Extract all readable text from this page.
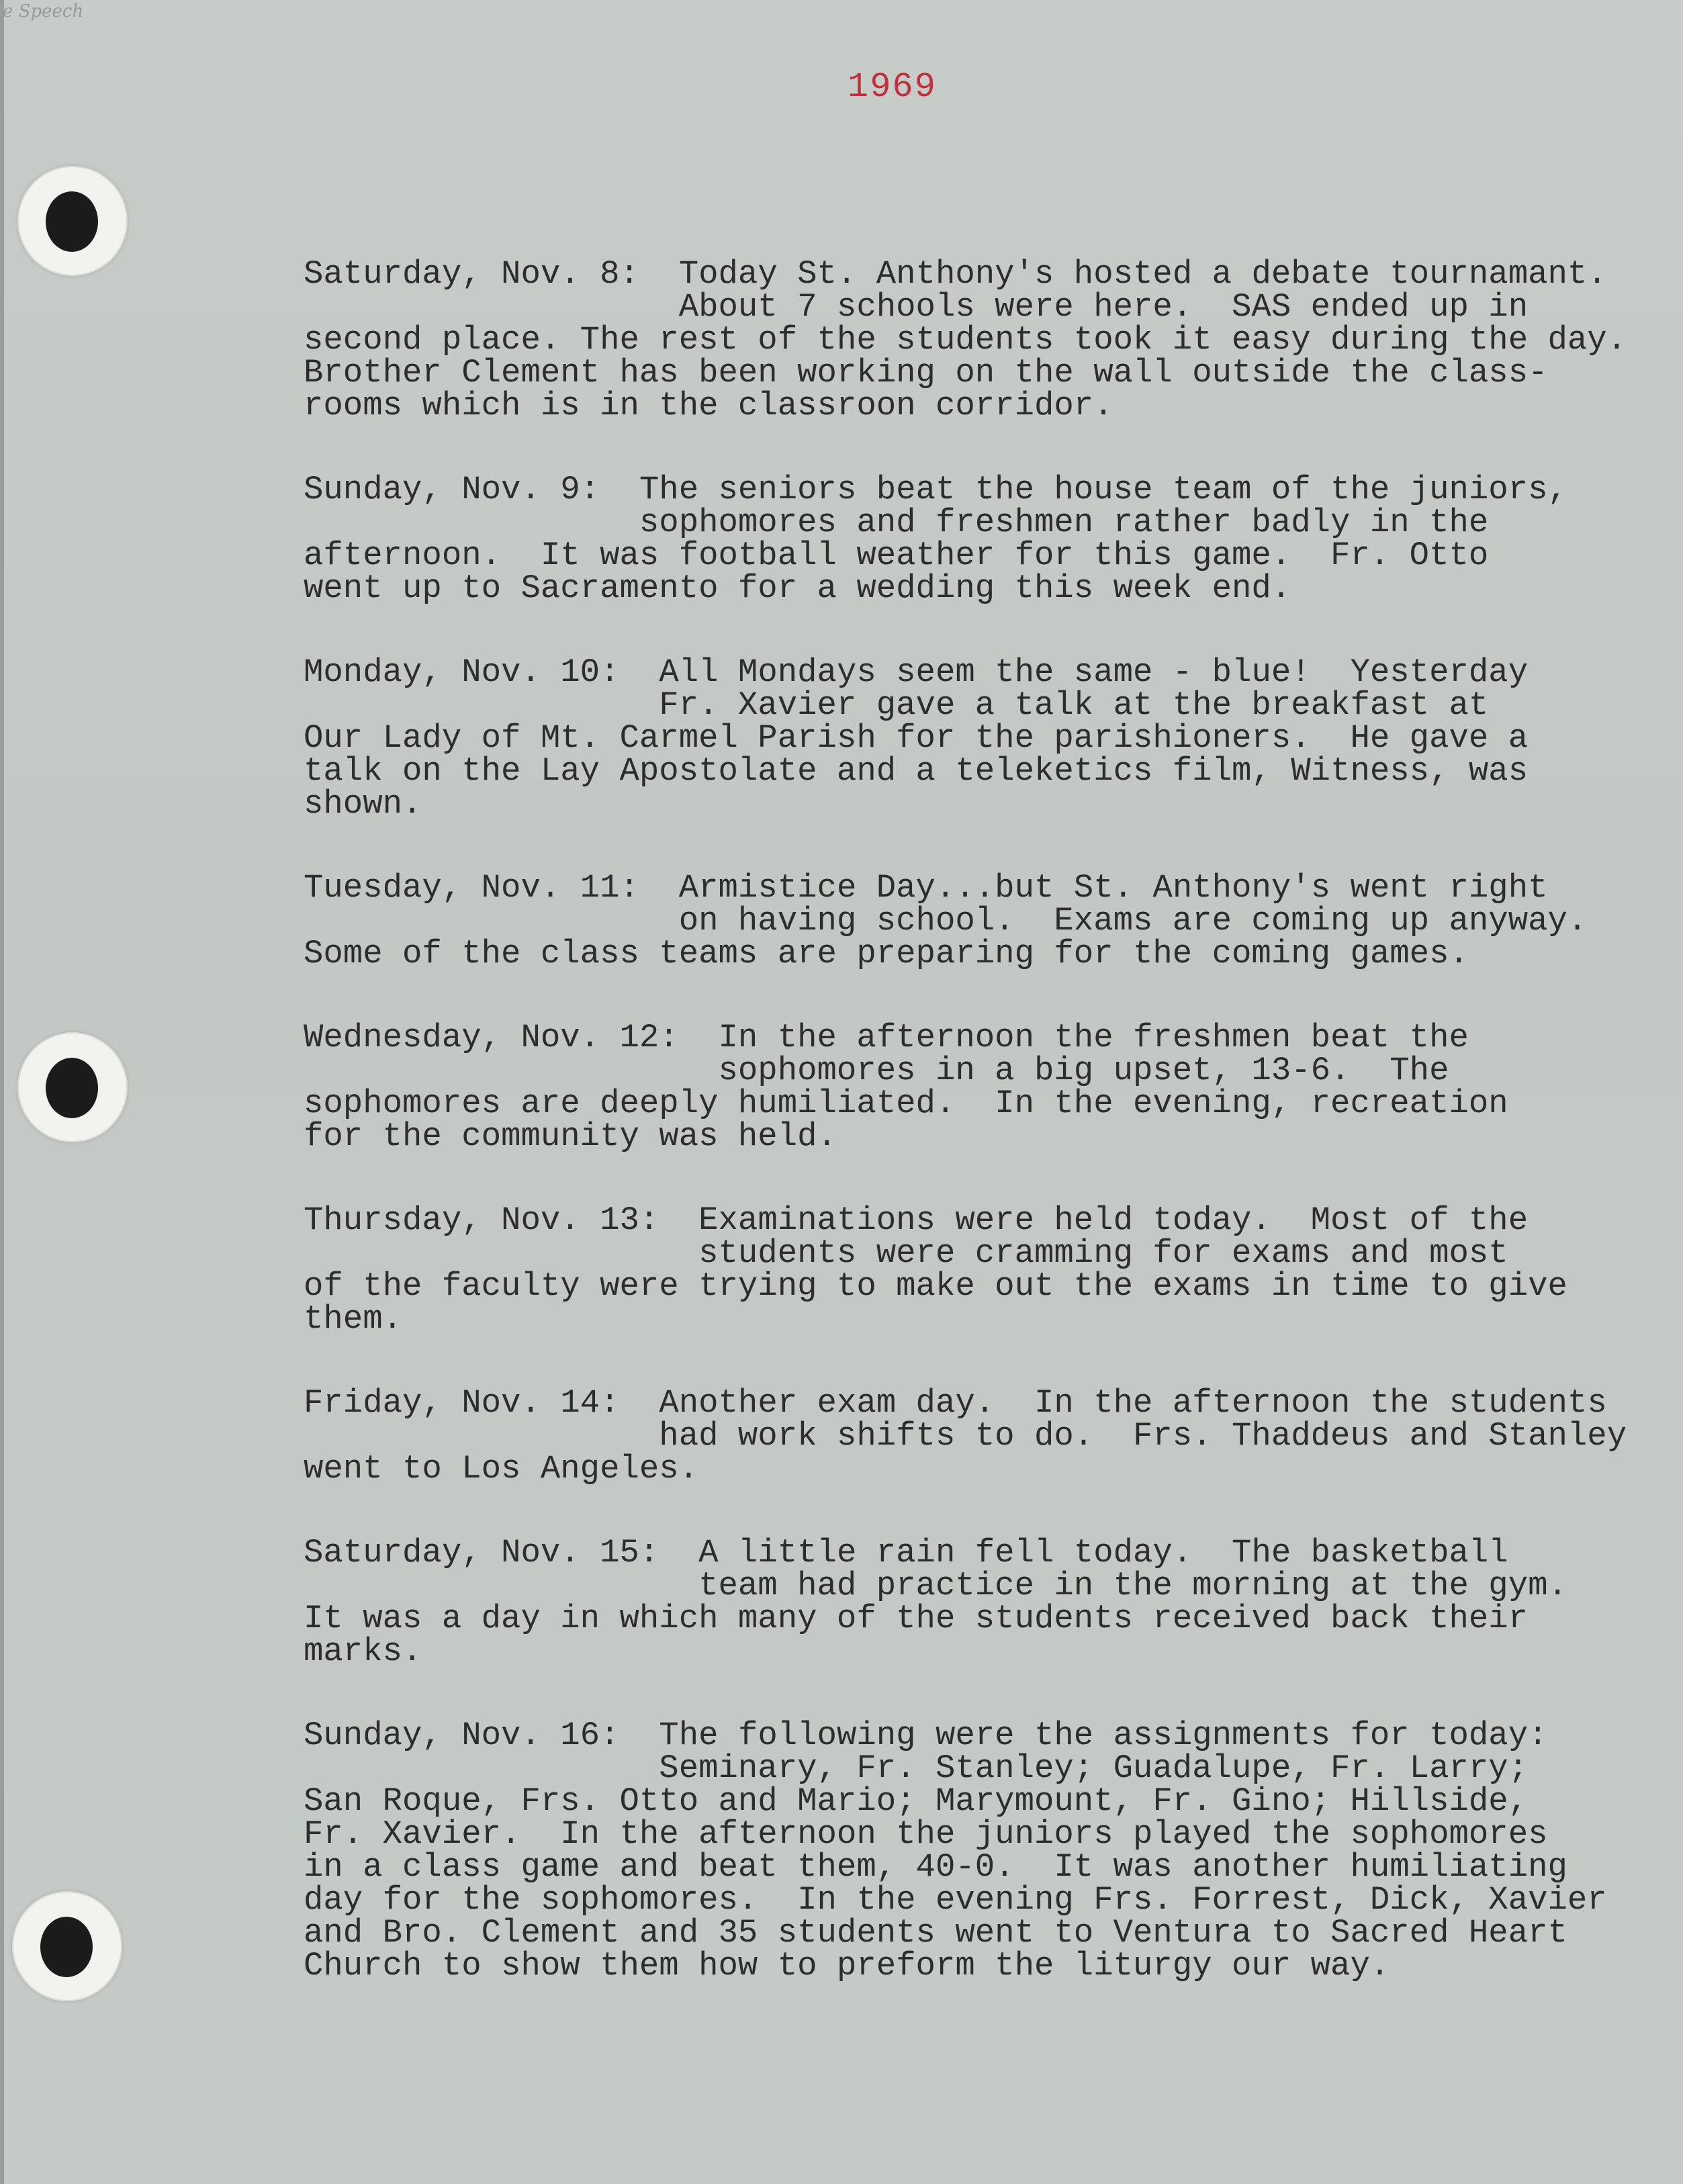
e Speech
1969
Saturday, Nov. 8: Today St. Anthony's hosted a debate tournamant.
About 7 schools were here.  SAS ended up in
second place. The rest of the students took it easy during the day.
Brother Clement has been working on the wall outside the class-
rooms which is in the classroon corridor.
Sunday, Nov. 9: The seniors beat the house team of the juniors,
sophomores and freshmen rather badly in the
afternoon.  It was football weather for this game.  Fr. Otto
went up to Sacramento for a wedding this week end.
Monday, Nov. 10: All Mondays seem the same - blue!  Yesterday
Fr. Xavier gave a talk at the breakfast at
Our Lady of Mt. Carmel Parish for the parishioners.  He gave a
talk on the Lay Apostolate and a teleketics film, Witness, was
shown.
Tuesday, Nov. 11: Armistice Day...but St. Anthony's went right
on having school.  Exams are coming up anyway.
Some of the class teams are preparing for the coming games.
Wednesday, Nov. 12: In the afternoon the freshmen beat the
sophomores in a big upset, 13-6.  The
sophomores are deeply humiliated.  In the evening, recreation
for the community was held.
Thursday, Nov. 13: Examinations were held today.  Most of the
students were cramming for exams and most
of the faculty were trying to make out the exams in time to give
them.
Friday, Nov. 14: Another exam day.  In the afternoon the students
had work shifts to do.  Frs. Thaddeus and Stanley
went to Los Angeles.
Saturday, Nov. 15: A little rain fell today.  The basketball
team had practice in the morning at the gym.
It was a day in which many of the students received back their
marks.
Sunday, Nov. 16: The following were the assignments for today:
Seminary, Fr. Stanley; Guadalupe, Fr. Larry;
San Roque, Frs. Otto and Mario; Marymount, Fr. Gino; Hillside,
Fr. Xavier.  In the afternoon the juniors played the sophomores
in a class game and beat them, 40-0.  It was another humiliating
day for the sophomores.  In the evening Frs. Forrest, Dick, Xavier
and Bro. Clement and 35 students went to Ventura to Sacred Heart
Church to show them how to preform the liturgy our way.
